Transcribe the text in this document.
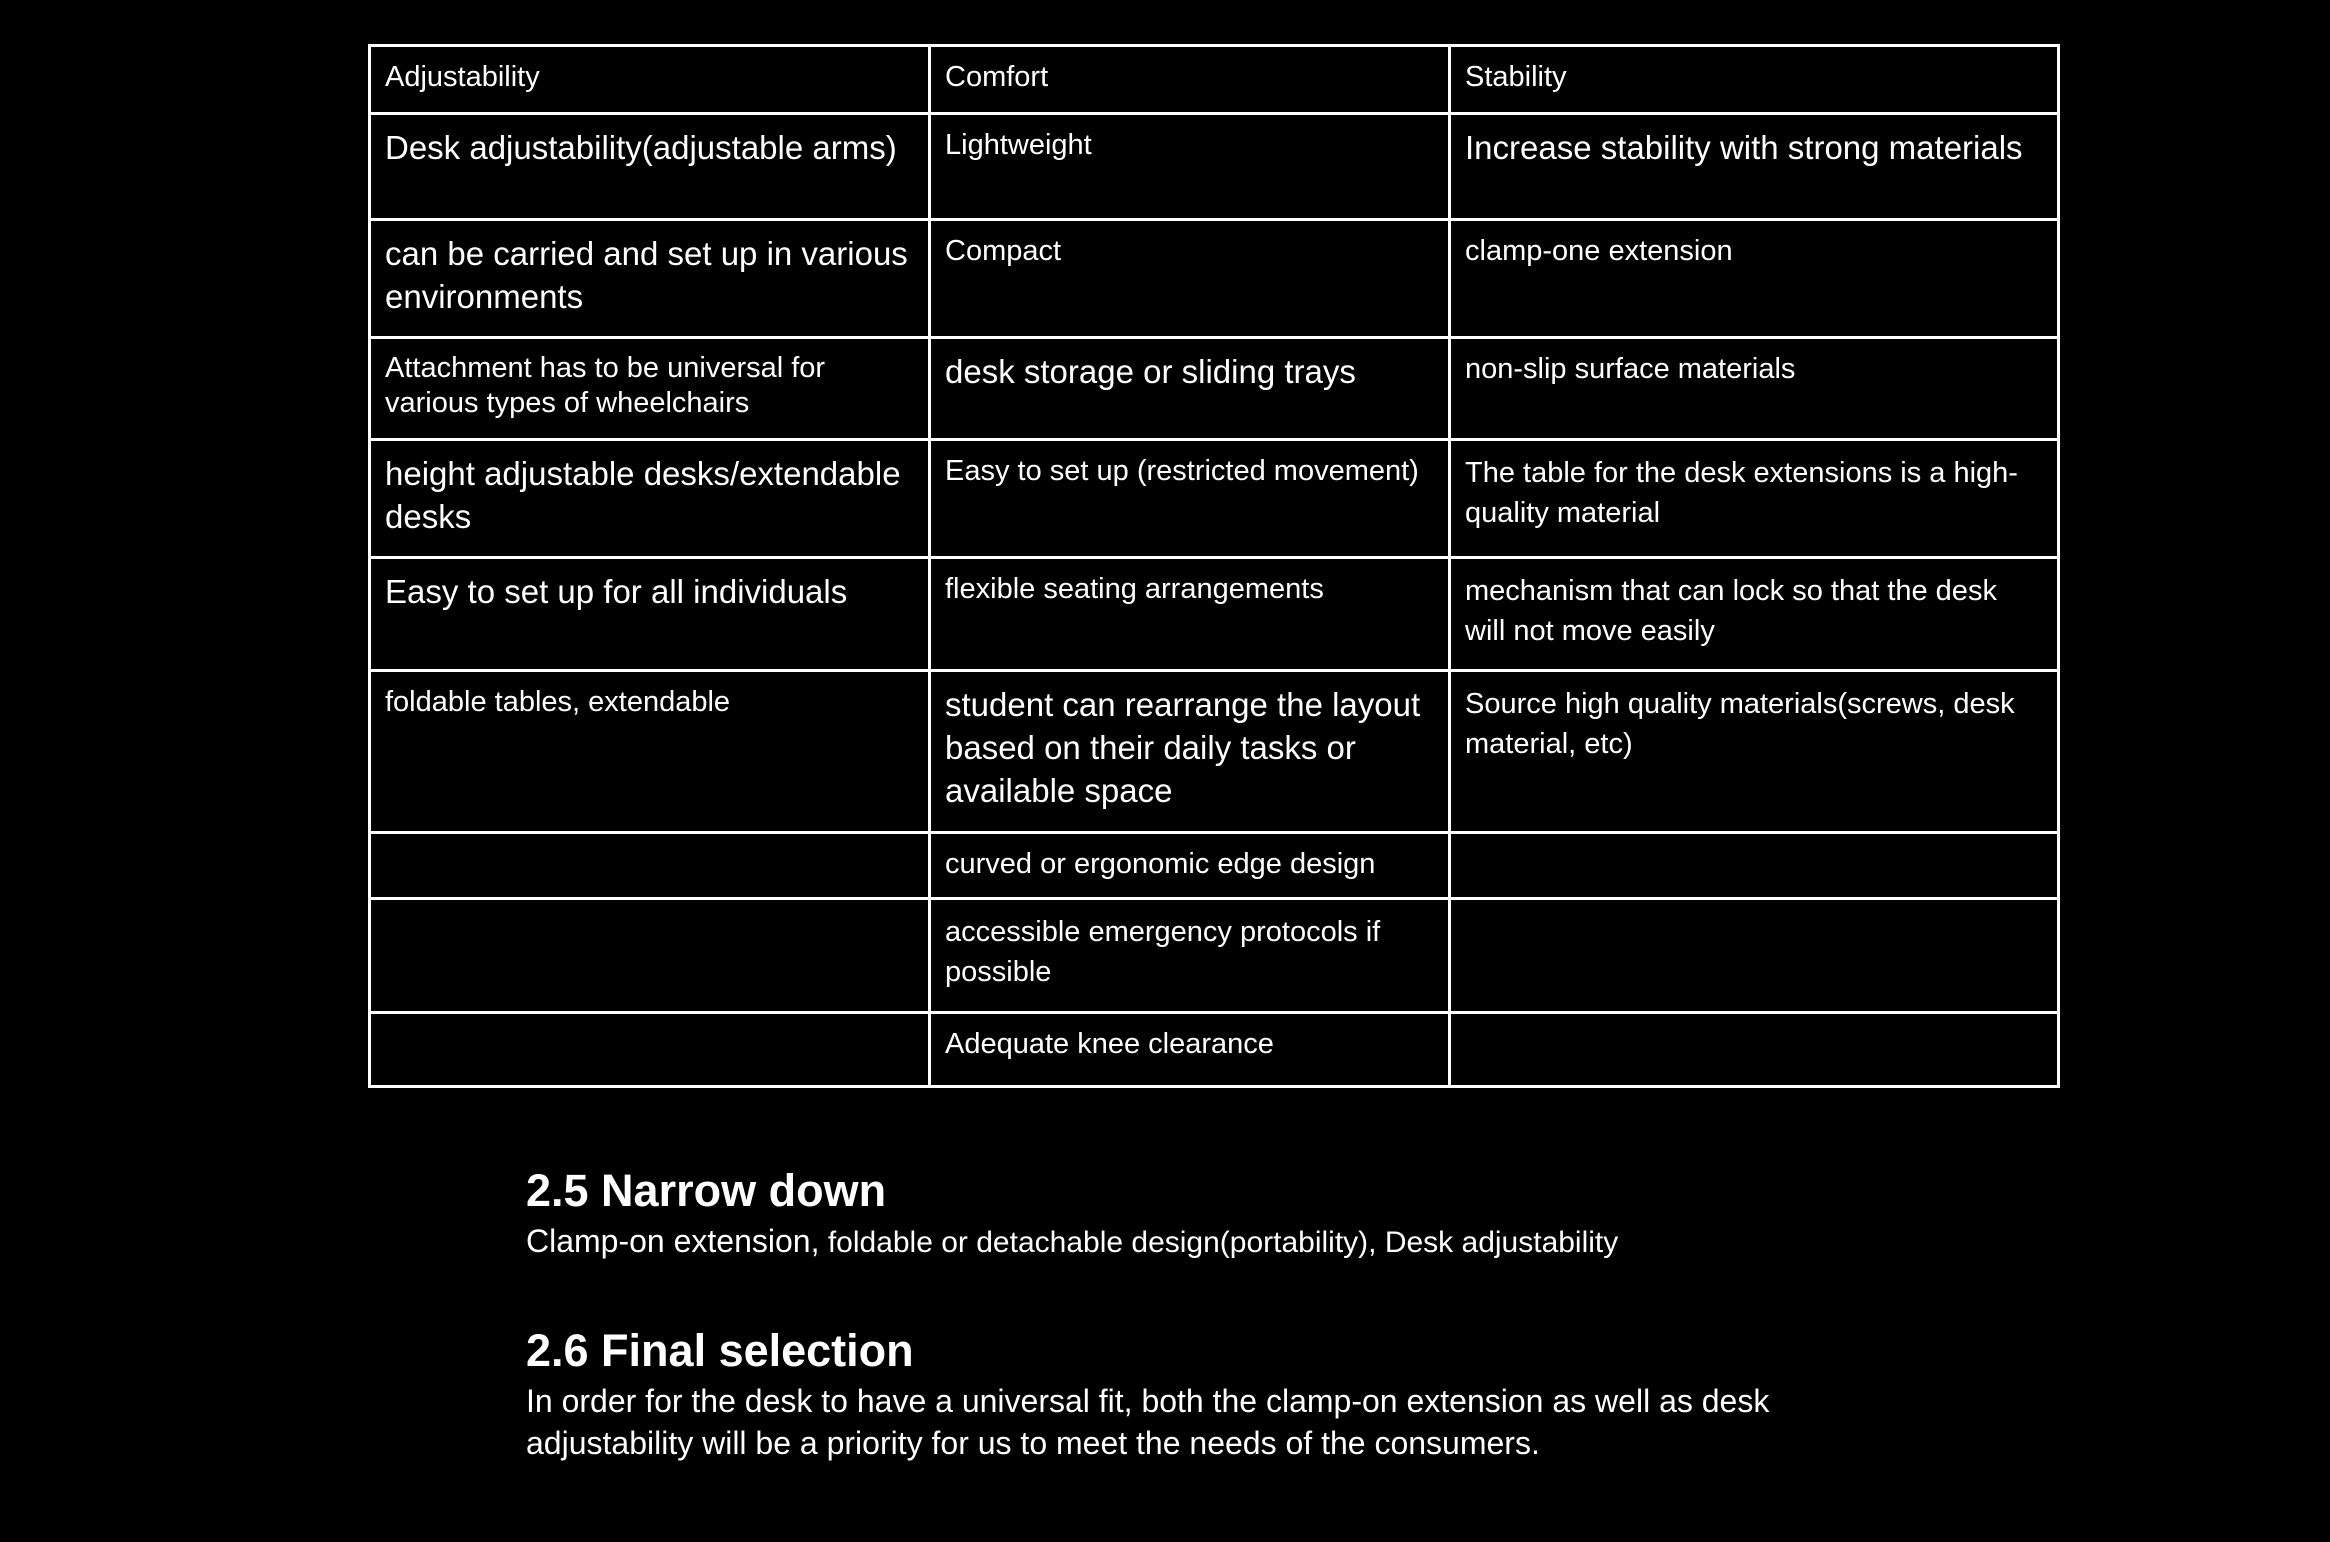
Adjustability	Comfort	Stability
Desk adjustability(adjustable arms)	Lightweight	Increase stability with strong materials
can be carried and set up in various environments	Compact	clamp-one extension
Attachment has to be universal for various types of wheelchairs	desk storage or sliding trays	non-slip surface materials
height adjustable desks/extendable desks	Easy to set up (restricted movement)	The table for the desk extensions is a high-quality material
Easy to set up for all individuals	flexible seating arrangements	mechanism that can lock so that the desk will not move easily
foldable tables, extendable	student can rearrange the layout based on their daily tasks or available space	Source high quality materials(screws, desk material, etc)
	curved or ergonomic edge design	
	accessible emergency protocols if possible	
	Adequate knee clearance	
2.5 Narrow down

Clamp-on extension, foldable or detachable design(portability), Desk adjustability

2.6 Final selection

In order for the desk to have a universal fit, both the clamp-on extension as well as desk adjustability will be a priority for us to meet the needs of the consumers.
